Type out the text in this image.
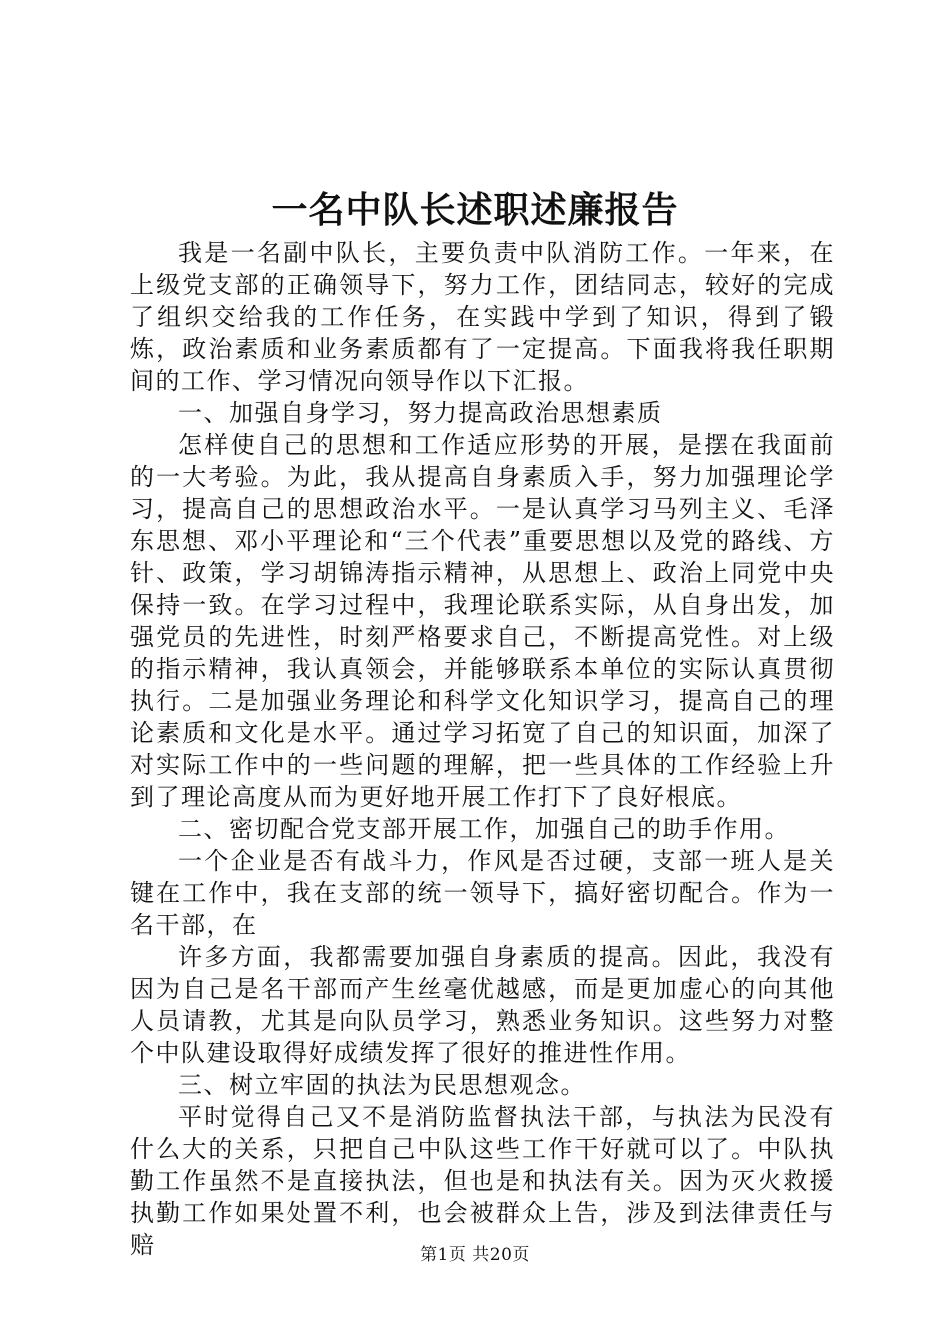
一名中队长述职述廉报告

我是一名副中队长，主要负责中队消防工作。一年来，在上级党支部的正确领导下，努力工作，团结同志，较好的完成了组织交给我的工作任务，在实践中学到了知识，得到了锻炼，政治素质和业务素质都有了一定提高。下面我将我任职期间的工作、学习情况向领导作以下汇报。

一、加强自身学习，努力提高政治思想素质

怎样使自己的思想和工作适应形势的开展，是摆在我面前的一大考验。为此，我从提高自身素质入手，努力加强理论学习，提高自己的思想政治水平。一是认真学习马列主义、毛泽东思想、邓小平理论和“三个代表”重要思想以及党的路线、方针、政策，学习胡锦涛指示精神，从思想上、政治上同党中央保持一致。在学习过程中，我理论联系实际，从自身出发，加强党员的先进性，时刻严格要求自己，不断提高党性。对上级的指示精神，我认真领会，并能够联系本单位的实际认真贯彻执行。二是加强业务理论和科学文化知识学习，提高自己的理论素质和文化是水平。通过学习拓宽了自己的知识面，加深了对实际工作中的一些问题的理解，把一些具体的工作经验上升到了理论高度从而为更好地开展工作打下了良好根底。

二、密切配合党支部开展工作，加强自己的助手作用。

一个企业是否有战斗力，作风是否过硬，支部一班人是关键在工作中，我在支部的统一领导下，搞好密切配合。作为一名干部，在

许多方面，我都需要加强自身素质的提高。因此，我没有因为自己是名干部而产生丝毫优越感，而是更加虚心的向其他人员请教，尤其是向队员学习，熟悉业务知识。这些努力对整个中队建设取得好成绩发挥了很好的推进性作用。

三、树立牢固的执法为民思想观念。

平时觉得自己又不是消防监督执法干部，与执法为民没有什么大的关系，只把自己中队这些工作干好就可以了。中队执勤工作虽然不是直接执法，但也是和执法有关。因为灭火救援执勤工作如果处置不利，也会被群众上告，涉及到法律责任与赔	第1页 共20页
